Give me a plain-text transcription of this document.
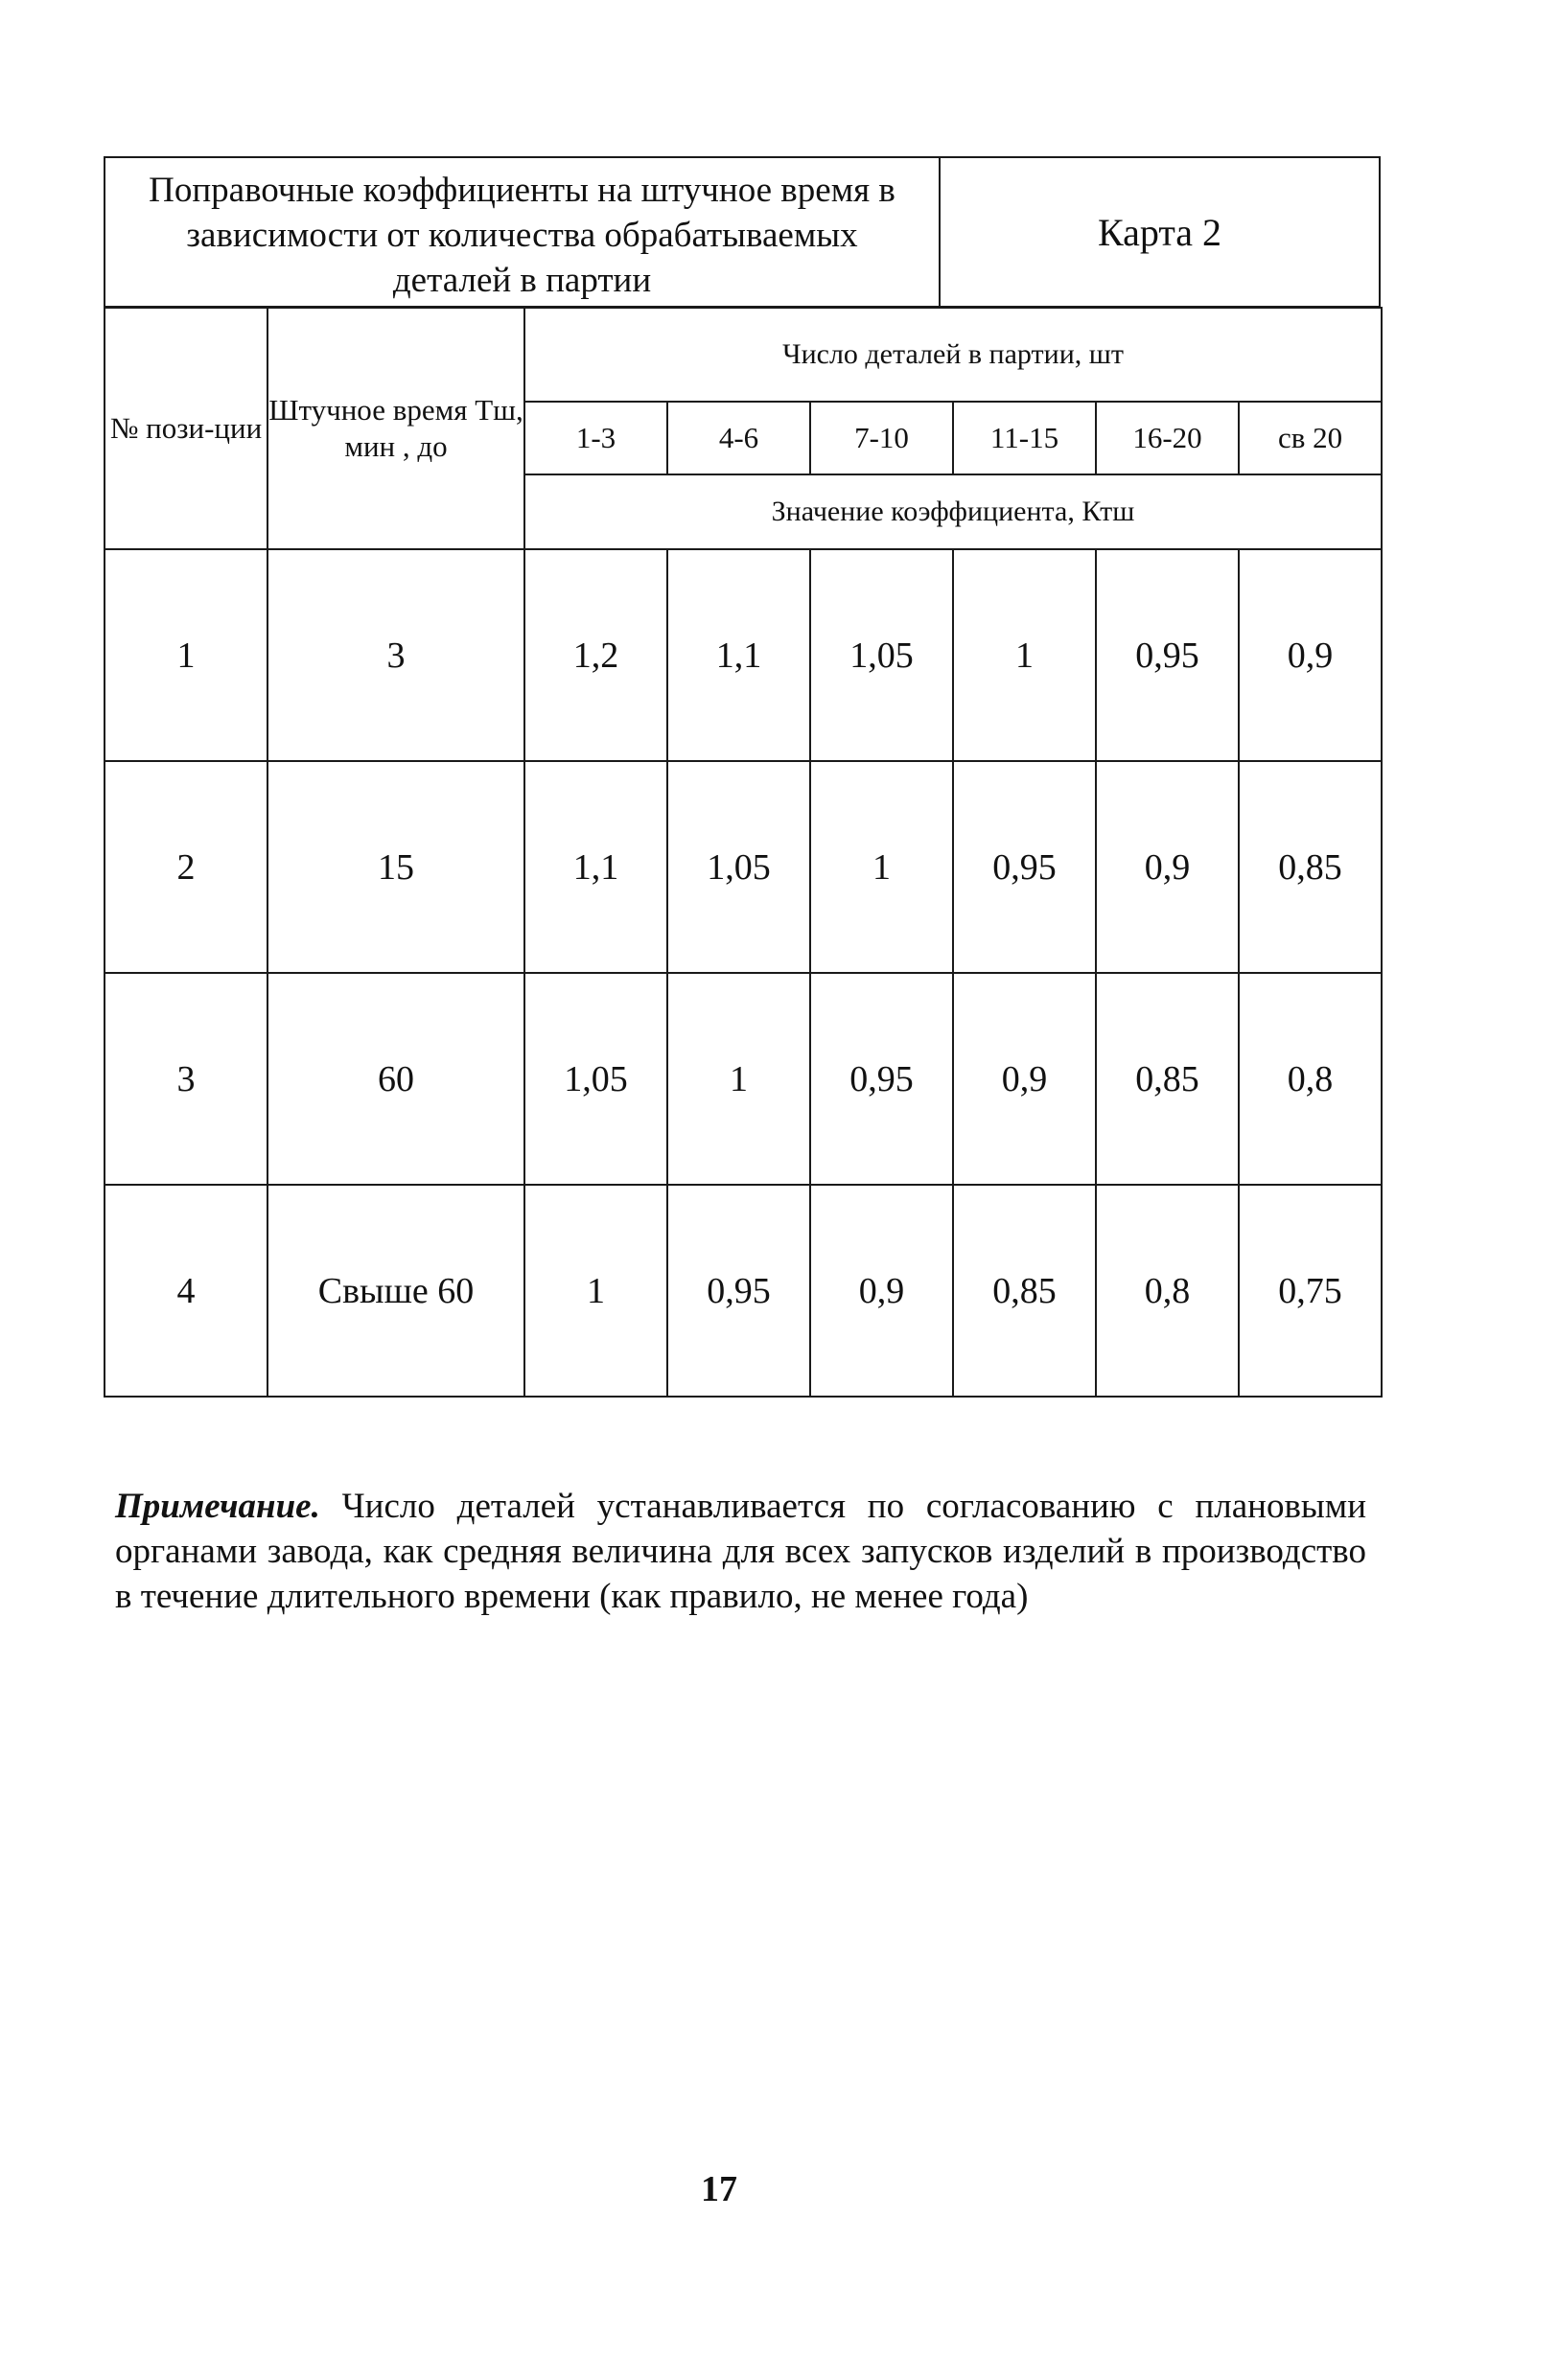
Поправочные коэффициенты на штучное время в зависимости от количества обрабатываемых деталей в партии
Карта 2
№ пози-ции	Штучное время Тш, мин , до	Число деталей в партии, шт					
		1-3	4-6	7-10	11-15	16-20	св 20
		Значение коэффициента, Ктш					
1	3	1,2	1,1	1,05	1	0,95	0,9
2	15	1,1	1,05	1	0,95	0,9	0,85
3	60	1,05	1	0,95	0,9	0,85	0,8
4	Свыше 60	1	0,95	0,9	0,85	0,8	0,75
Примечание. Число деталей устанавливается по согласованию с плановыми органами завода, как средняя величина для всех запусков изделий в производство в течение длительного времени (как правило, не менее года)
17
